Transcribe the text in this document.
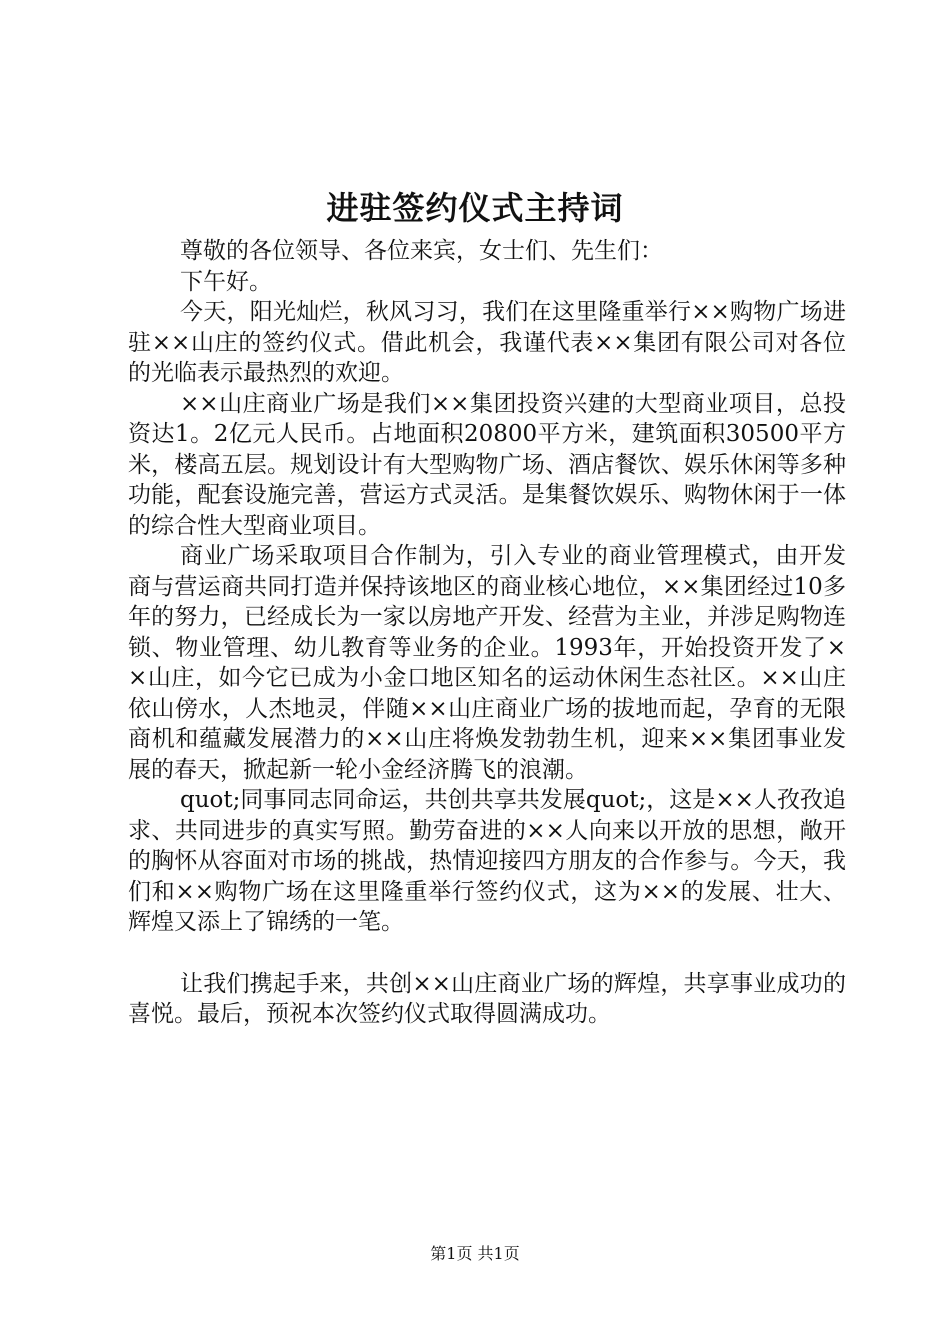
进驻签约仪式主持词

尊敬的各位领导、各位来宾，女士们、先生们：

下午好。

今天，阳光灿烂，秋风习习，我们在这里隆重举行××购物广场进驻××山庄的签约仪式。借此机会，我谨代表××集团有限公司对各位的光临表示最热烈的欢迎。

××山庄商业广场是我们××集团投资兴建的大型商业项目，总投资达1。2亿元人民币。占地面积20800平方米，建筑面积30500平方米，楼高五层。规划设计有大型购物广场、酒店餐饮、娱乐休闲等多种功能，配套设施完善，营运方式灵活。是集餐饮娱乐、购物休闲于一体的综合性大型商业项目。

商业广场采取项目合作制为，引入专业的商业管理模式，由开发商与营运商共同打造并保持该地区的商业核心地位，××集团经过10多年的努力，已经成长为一家以房地产开发、经营为主业，并涉足购物连锁、物业管理、幼儿教育等业务的企业。1993年，开始投资开发了××山庄，如今它已成为小金口地区知名的运动休闲生态社区。××山庄依山傍水，人杰地灵，伴随××山庄商业广场的拔地而起，孕育的无限商机和蕴藏发展潜力的××山庄将焕发勃勃生机，迎来××集团事业发展的春天，掀起新一轮小金经济腾飞的浪潮。

quot;同事同志同命运，共创共享共发展quot;，这是××人孜孜追求、共同进步的真实写照。勤劳奋进的××人向来以开放的思想，敞开的胸怀从容面对市场的挑战，热情迎接四方朋友的合作参与。今天，我们和××购物广场在这里隆重举行签约仪式，这为××的发展、壮大、辉煌又添上了锦绣的一笔。

让我们携起手来，共创××山庄商业广场的辉煌，共享事业成功的喜悦。最后，预祝本次签约仪式取得圆满成功。

第1页 共1页
